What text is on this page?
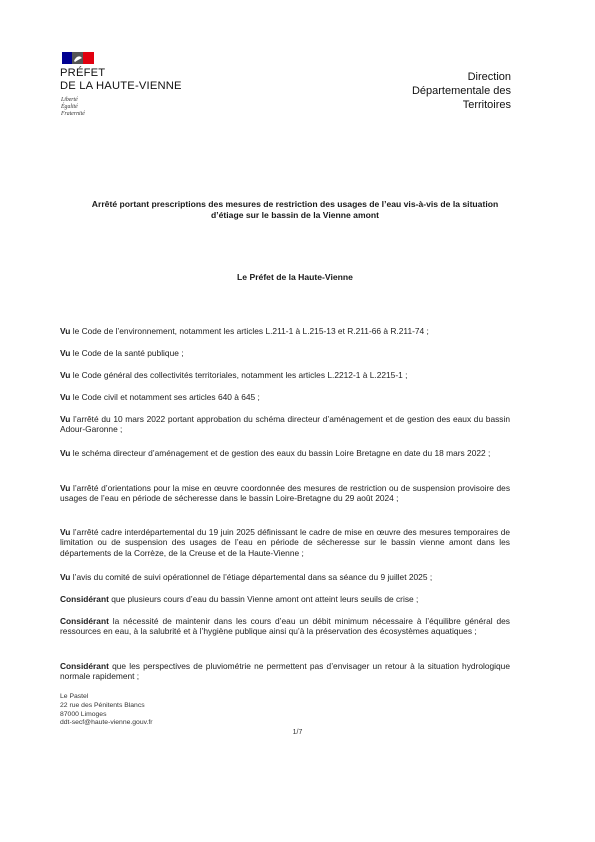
PRÉFET
DE LA HAUTE-VIENNE
Liberté
Égalité
Fraternité
Direction
Départementale des
Territoires
Arrêté portant prescriptions des mesures de restriction des usages de l’eau vis-à-vis de la situation
d’étiage sur le bassin de la Vienne amont
Le Préfet de la Haute-Vienne

Vu le Code de l’environnement, notamment les articles L.211-1 à L.215-13 et R.211-66 à R.211-74 ;

Vu le Code de la santé publique ;

Vu le Code général des collectivités territoriales, notamment les articles L.2212-1 à L.2215-1 ;

Vu le Code civil et notamment ses articles 640 à 645 ;

Vu l’arrêté du 10 mars 2022 portant approbation du schéma directeur d’aménagement et de gestion des eaux du bassin Adour-Garonne ;

Vu le schéma directeur d’aménagement et de gestion des eaux du bassin Loire Bretagne en date du 18 mars 2022 ;

Vu l’arrêté d’orientations pour la mise en œuvre coordonnée des mesures de restriction ou de suspension provisoire des usages de l’eau en période de sécheresse dans le bassin Loire-Bretagne du 29 août 2024 ;

Vu l’arrêté cadre interdépartemental du 19 juin 2025 définissant le cadre de mise en œuvre des mesures temporaires de limitation ou de suspension des usages de l’eau en période de sécheresse sur le bassin vienne amont dans les départements de la Corrèze, de la Creuse et de la Haute-Vienne ;

Vu l’avis du comité de suivi opérationnel de l’étiage départemental dans sa séance du 9 juillet 2025 ;

Considérant que plusieurs cours d’eau du bassin Vienne amont ont atteint leurs seuils de crise ;

Considérant la nécessité de maintenir dans les cours d’eau un débit minimum nécessaire à l’équilibre général des ressources en eau, à la salubrité et à l’hygiène publique ainsi qu’à la préservation des écosystèmes aquatiques ;

Considérant que les perspectives de pluviométrie ne permettent pas d’envisager un retour à la situation hydrologique normale rapidement ;

Le Pastel
22 rue des Pénitents Blancs
87000 Limoges
ddt-secf@haute-vienne.gouv.fr
1/7
